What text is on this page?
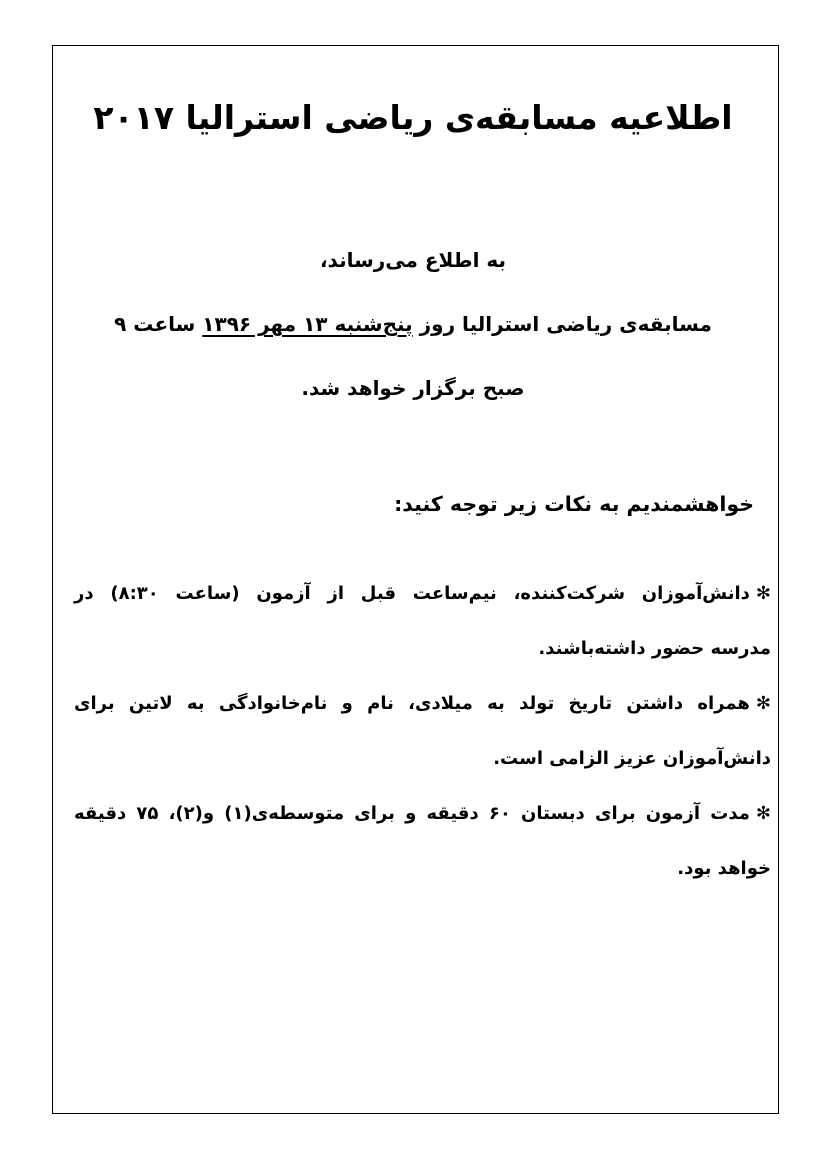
اطلاعیه مسابقه‌ی ریاضی استرالیا ۲۰۱۷
به اطلاع می‌رساند،
مسابقه‌ی ریاضی استرالیا روز پنج‌شنبه ۱۳ مهر ۱۳۹۶ ساعت ۹
صبح برگزار خواهد شد.
خواهشمندیم به نکات زیر توجه کنید:
✻دانش‌آموزان شرکت‌کننده، نیم‌ساعت قبل از آزمون (ساعت ۸:۳۰) در
مدرسه حضور داشته‌باشند.
✻همراه داشتن تاریخ تولد به میلادی، نام و نام‌خانوادگی به لاتین برای
دانش‌آموزان عزیز الزامی است.
✻مدت آزمون برای دبستان ۶۰ دقیقه و برای متوسطه‌ی(۱) و(۲)، ۷۵ دقیقه
خواهد بود.
